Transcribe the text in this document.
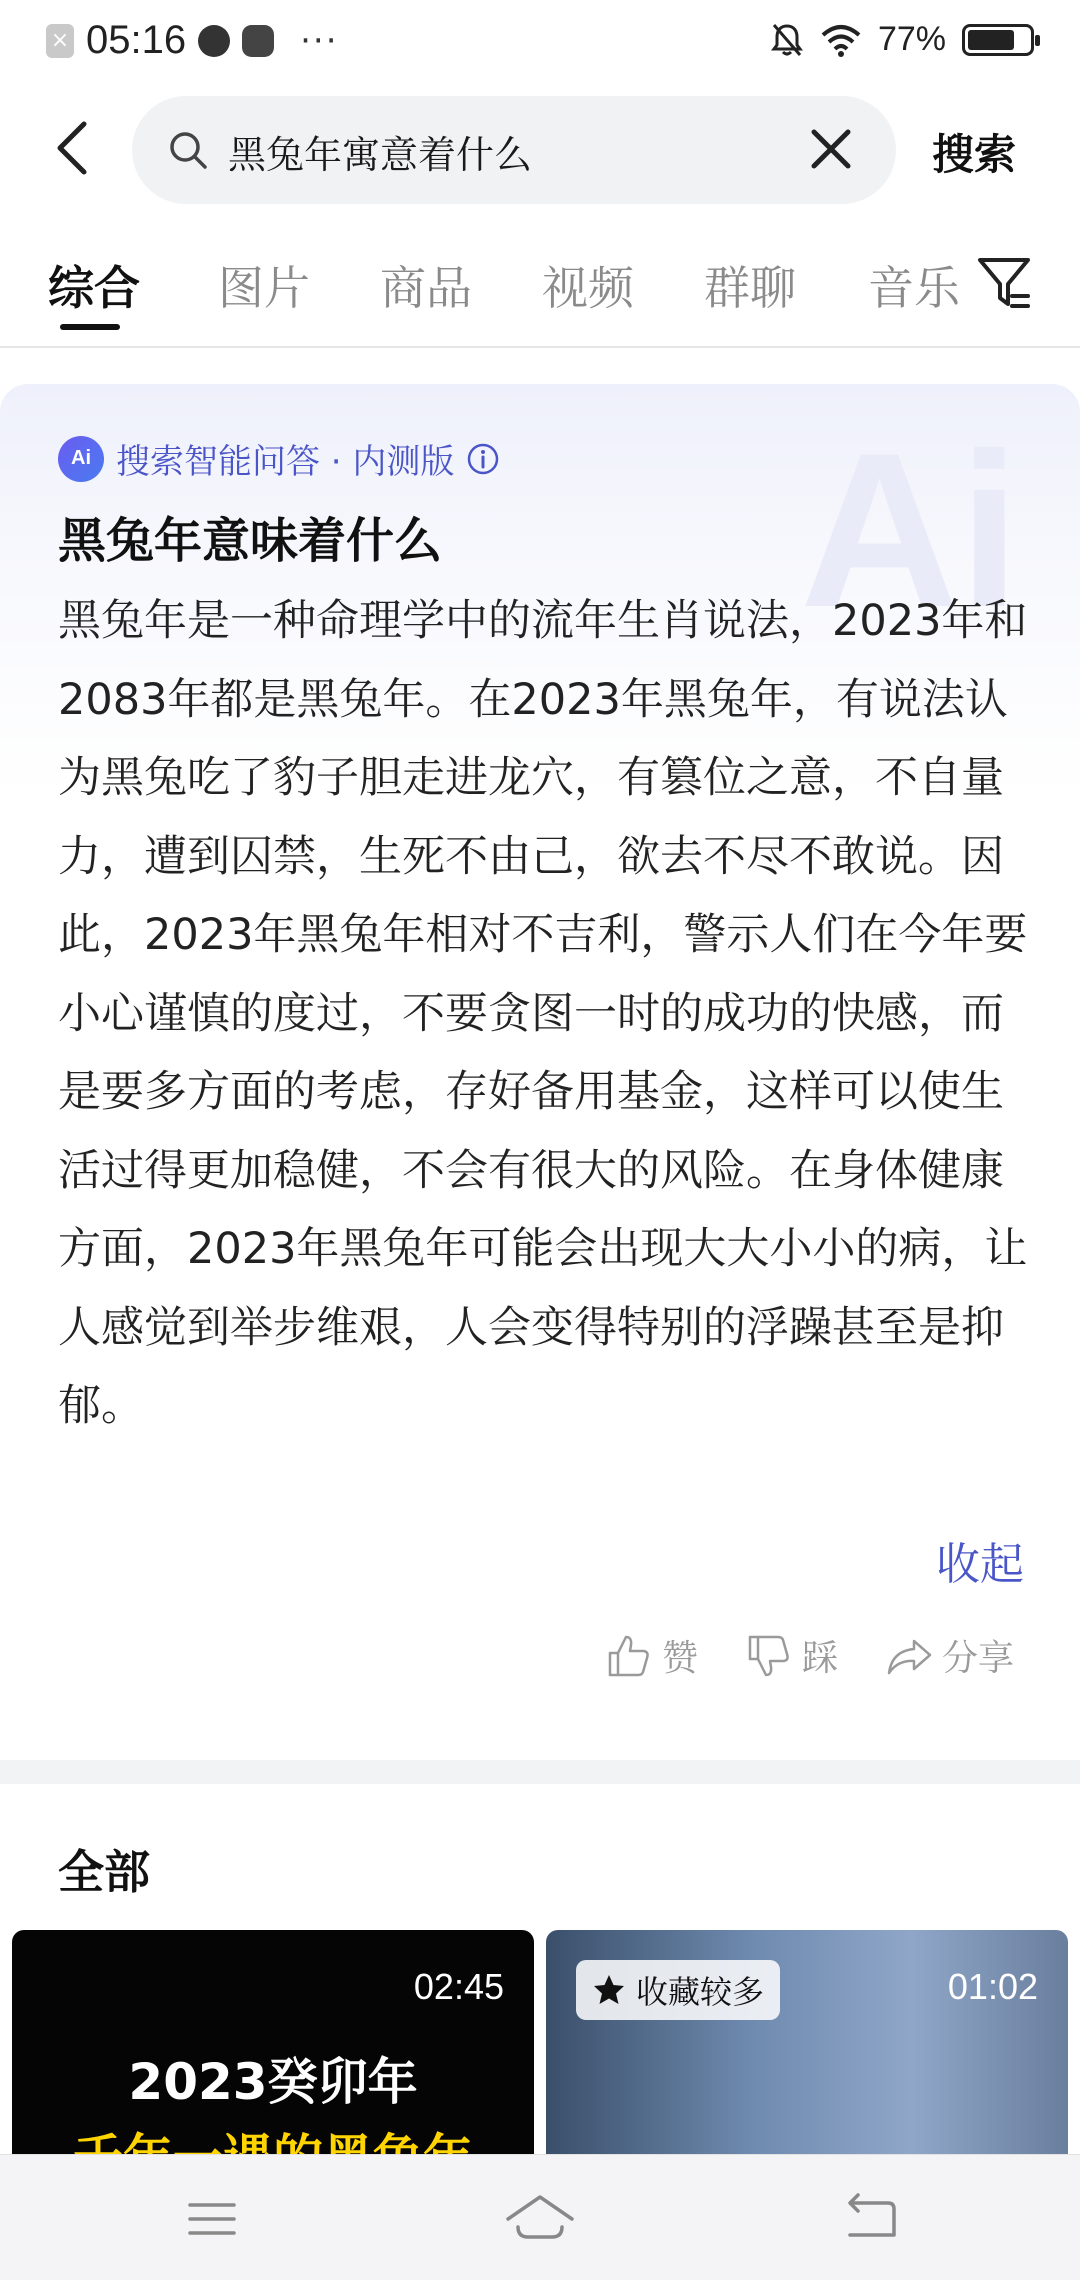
× 05:16	···	77%
黑兔年寓意着什么	搜索
综合 图片 商品 视频 群聊 音乐
Ai
Ai 搜索智能问答 · 内测版
黑兔年意味着什么
黑兔年是一种命理学中的流年生肖说法，2023年和2083年都是黑兔年。在2023年黑兔年，有说法认为黑兔吃了豹子胆走进龙穴，有篡位之意，不自量力，遭到囚禁，生死不由己，欲去不尽不敢说。因此，2023年黑兔年相对不吉利，警示人们在今年要小心谨慎的度过，不要贪图一时的成功的快感，而是要多方面的考虑，存好备用基金，这样可以使生活过得更加稳健，不会有很大的风险。在身体健康方面，2023年黑兔年可能会出现大大小小的病，让人感觉到举步维艰，人会变得特别的浮躁甚至是抑郁。
收起
赞	踩	分享
全部
02:45
2023癸卯年
收藏较多	01:02
